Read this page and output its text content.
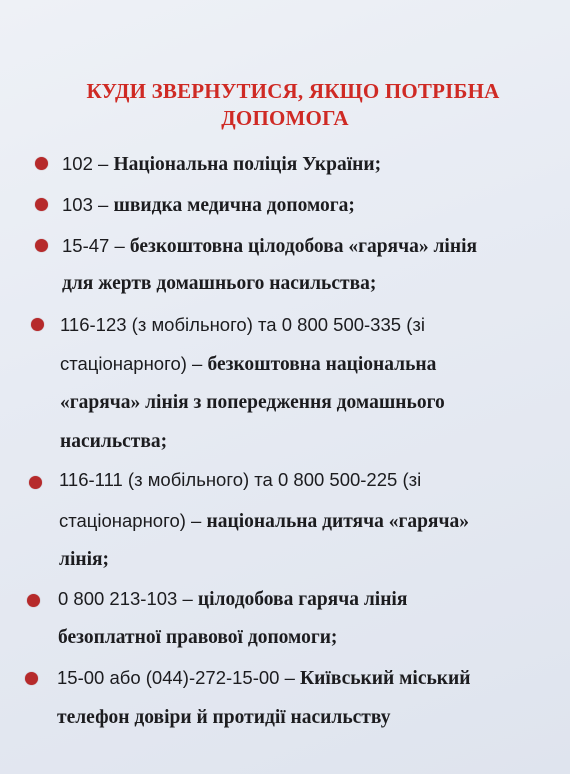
КУДИ ЗВЕРНУТИСЯ, ЯКЩО ПОТРІБНА
ДОПОМОГА
102 – Національна поліція України;
103 – швидка медична допомога;
15-47 – безкоштовна цілодобова «гаряча» лінія
для жертв домашнього насильства;
116-123 (з мобільного) та 0 800 500-335 (зі
стаціонарного) – безкоштовна національна
«гаряча» лінія з попередження домашнього
насильства;
116-111 (з мобільного) та 0 800 500-225 (зі
стаціонарного) – національна дитяча «гаряча»
лінія;
0 800 213-103 – цілодобова гаряча лінія
безоплатної правової допомоги;
15-00 або (044)-272-15-00 – Київський міський
телефон довіри й протидії насильству
